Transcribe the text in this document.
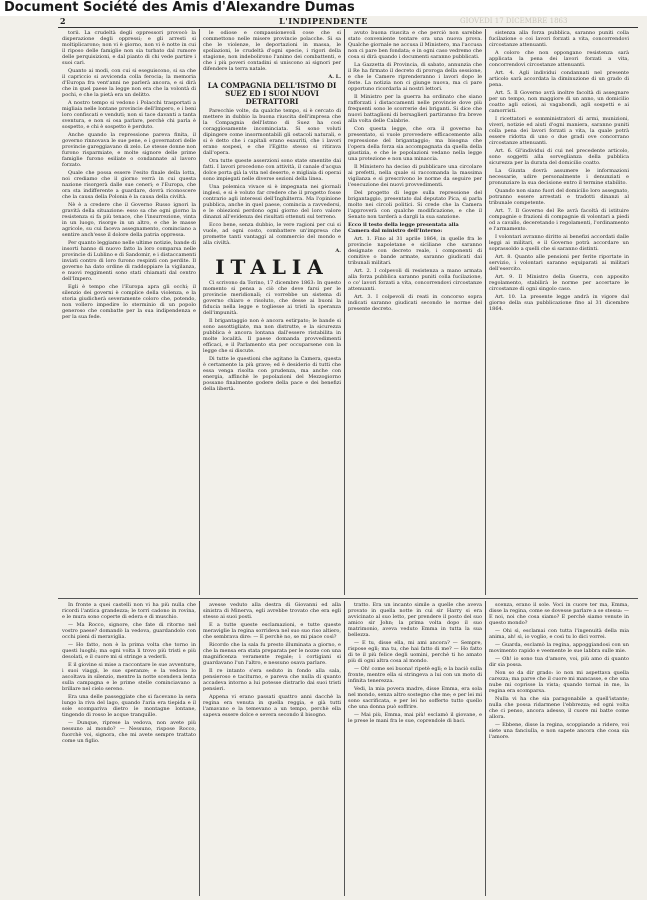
Document Société des Amis d'Alexandre Dumas
2	L'INDIPENDENTE	GIOVEDI 17 DICEMBRE 1863

torii. La crudeltà degli oppressori provocò la disperazione degli oppressi; e gli arresti si moltiplicarono; non vi è giorno, non vi è notte in cui il riposo delle famiglie non sia turbato dal rumore delle perquisizioni, e dal pianto di chi vede partire i suoi cari.

Quanto ai modi, con cui si eseguiscono, si sa che il capriccio si avvicenda colla ferocia; la memoria d'Europa fra vent'anni ne parlerà ancora, e si dirà che in quel paese la legge non era che la volontà di pochi, e che la pietà era un delitto.

A nostro tempo si vedono i Polacchi trasportati a migliaia nelle lontane provincie dell'Impero, e i beni loro confiscati e venduti; non si tace davanti a tanta sventura, e non si osa parlare, perchè chi parla è sospetto, e chi è sospetto è perduto.

Anche quando la repressione pareva finita, il governo rinnovava le sue pene, e i governatori delle provincie gareggiavano di zelo. Le stesse donne non furono risparmiate, e molte signore delle prime famiglie furono esiliate o condannate al lavoro forzato.

Quale che possa essere l'esito finale della lotta, noi crediamo che il giorno verrà in cui questa nazione risorgerà dalle sue ceneri; e l'Europa, che ora sta indifferente a guardare, dovrà riconoscere che la causa della Polonia è la causa della civiltà.

Nè è a credere che il Governo Russo ignori la gravità della situazione: esso sa che ogni giorno la resistenza si fa più tenace, che l'insurrezione, vinta in un luogo, risorge in un altro, e che le masse agricole, su cui faceva assegnamento, cominciano a sentire anch'esse il dolore della patria oppressa.

Per quanto leggiamo nelle ultime notizie, bande di insorti hanno di nuovo fatto la loro comparsa nelle provincie di Lublino e di Sandomir, e i distaccamenti inviati contro di loro furono respinti con perdite. Il governo ha dato ordine di raddoppiare la vigilanza, e nuovi reggimenti sono stati chiamati dal centro dell'Impero.

Egli è tempo che l'Europa apra gli occhi; il silenzio dei governi è complice della violenza, e la storia giudicherà severamente coloro che, potendo, non vollero impedire lo sterminio di un popolo generoso che combatte per la sua indipendenza e per la sua fede.

le odiose e compassionevoli cose che si commettono nelle misere provincie polacche. Si sa che le violenze, le deportazioni in massa, le spoliazioni, le crudeltà d'ogni specie, i rigori della stagione, non indebolirono l'animo dei combattenti, e che i più poveri contadini si uniscono ai signori per difendere la terra natale.

A. L.

LA COMPAGNIA DELL'ISTMO DI SUEZ ED I SUOI NUOVI DETRATTORI

Parecchie volte, da qualche tempo, si è cercato di mettere in dubbio la buona riuscita dell'impresa che la Compagnia dell'Istmo di Suez ha così coraggiosamente incominciata. Si sono voluti dipingere come insormontabili gli ostacoli naturali, e si è detto che i capitali erano esauriti, che i lavori erano sospesi, e che l'Egitto stesso si ritirava dall'opera.

Ora tutte queste asserzioni sono state smentite dai fatti. I lavori procedono con attività, il canale d'acqua dolce porta già la vita nel deserto, e migliaia di operai sono impiegati nelle diverse sezioni della linea.

Una polemica vivace si è impegnata nei giornali inglesi, e si è voluto far credere che il progetto fosse contrario agli interessi dell'Inghilterra. Ma l'opinione pubblica, anche in quel paese, comincia a ravvedersi, e le obiezioni perdono ogni giorno del loro valore dinanzi all'evidenza dei risultati ottenuti sul terreno.

Ecco bene, senza dubbio, le vere ragioni per cui si vuole, ad ogni costo, combattere un'impresa che promette tanti vantaggi al commercio del mondo e alla civiltà.

A.

ITALIA

Ci scrivono da Torino, 17 dicembre 1863: In questo momento si pensa a ciò che deve farsi per le provincie meridionali; ci vorrebbe un sistema di governo chiaro e risoluto, che desse ai buoni la fiducia nella legge e togliesse ai tristi la speranza dell'impunità.

Il brigantaggio non è ancora estirpato; le bande si sono assottigliate, ma non distrutte, e la sicurezza pubblica è ancora lontana dall'essere ristabilita in molte località. Il paese domanda provvedimenti efficaci, e il Parlamento sta per occuparsene con la legge che si discute.

Di tutte le questioni che agitano la Camera, questa è certamente la più grave; ed è desiderio di tutti che essa venga risolta con prudenza, ma anche con energia, affinchè le popolazioni del Mezzogiorno possano finalmente godere della pace e dei benefizi della libertà.

avuto buona riuscita e che perciò non sarebbe stato conveniente tentare ora una nuova prova. Qualche giornale ne accusa il Ministero, ma l'accusa non ci pare ben fondata; e in ogni caso vedremo che cosa si dirà quando i documenti saranno pubblicati.

La Gazzetta di Provincia, di sabato, annunzia che il Re ha firmato il decreto di proroga della sessione, e che le Camere riprenderanno i lavori dopo le feste. La notizia non ci giunge nuova, ma ci pare opportuno ricordarla ai nostri lettori.

Il Ministro per la guerra ha ordinato che siano rafforzati i distaccamenti nelle provincie dove più frequenti sono le scorrerie dei briganti. Si dice che nuovi battaglioni di bersaglieri partiranno fra breve alla volta delle Calabrie.

Con questa legge, che ora il governo ha presentato, si vuole provvedere efficacemente alla repressione del brigantaggio; ma bisogna che l'opera della forza sia accompagnata da quella della giustizia, e che le popolazioni vedano nella legge una protezione e non una minaccia.

Il Ministero ha deciso di pubblicare una circolare ai prefetti, nella quale si raccomanda la massima vigilanza e si prescrivono le norme da seguire per l'esecuzione dei nuovi provvedimenti.

Del progetto di legge sulla repressione del brigantaggio, presentato dal deputato Pica, si parla molto nei circoli politici. Si crede che la Camera l'approverà con qualche modificazione, e che il Senato non tarderà a dargli la sua sanzione.

Ecco il testo della legge presentata alla Camera dal ministro dell'Interno:

Art. 1. Fino al 31 aprile 1864, in quelle fra le provincie napoletane e siciliane che saranno designate con decreto reale, i componenti di comitive o bande armate, saranno giudicati dai tribunali militari.

Art. 2. I colpevoli di resistenza a mano armata alla forza pubblica saranno puniti colla fucilazione, o co' lavori forzati a vita, concorrendovi circostanze attenuanti.

Art. 3. I colpevoli di reati in concorso sopra indicati saranno giudicati secondo le norme del presente decreto.

sistenza alla forza pubblica, saranno puniti colla fucilazione o coi lavori forzati a vita, concorrendovi circostanze attenuanti.

A coloro che non oppongano resistenza sarà applicata la pena dei lavori forzati a vita, concorrendovi circostanze attenuanti.

Art. 4. Agli individui condannati nel presente articolo sarà accordata la diminuzione di un grado di pena.

Art. 5. Il Governo avrà inoltre facoltà di assegnare per un tempo, non maggiore di un anno, un domicilio coatto agli oziosi, ai vagabondi, agli sospetti e ai camorristi.

I ricettatori e somministratori di armi, munizioni, viveri, notizie ed aiuti d'ogni maniera, saranno puniti colla pena dei lavori forzati a vita, la quale potrà essere ridotta di uno o due gradi ove concorrano circostanze attenuanti.

Art. 6. Gl'individui di cui nel precedente articolo, sono soggetti alla sorveglianza della pubblica sicurezza per la durata del domicilio coatto.

La Giunta dovrà assumere le informazioni necessarie, udire personalmente i denunziati e pronunziare la sua decisione entro il termine stabilito.

Quando non siano fuori del domicilio loro assegnato, potranno essere arrestati e tradotti dinanzi al tribunale competente.

Art. 7. Il Governo del Re avrà facoltà di istituire compagnie o frazioni di compagnie di volontari a piedi od a cavallo, deceretando i regolamenti, l'ordinamento e l'armamento.

I volontari avranno diritto ai benefizi accordati dalle leggi ai militari, e il Governo potrà accordare un soprassoldo a quelli che si saranno distinti.

Art. 8. Quanto alle pensioni per ferite riportate in servizio, i volontari saranno equiparati ai militari dell'esercito.

Art. 9. Il Ministro della Guerra, con apposito regolamento, stabilirà le norme per accertare le circostanze di ogni singolo caso.

Art. 10. La presente legge andrà in vigore dal giorno della sua pubblicazione fino al 31 dicembre 1864.

In fronte a quei castelli non vi ha più nulla che ricordi l'antica grandezza; le torri cadono in rovina, e le mura sono coperte di edera e di muschio.

— Ma Rocco, signore, che fate di ritorno nel vostro paese? domandò la vedova, guardandolo con occhi pieni di meraviglia.

— Ho fatto, non è la prima volta che torno in questi luoghi; ma ogni volta li trovo più tristi e più desolati, e il cuore mi si stringe a vederli.

E il giovine si mise a raccontare le sue avventure, i suoi viaggi, le sue speranze; e la vedova lo ascoltava in silenzio, mentre la notte scendeva lenta sulla campagna e le prime stelle cominciavano a brillare nel cielo sereno.

Era una delle passeggiate che si facevano la sera lungo la riva del lago, quando l'aria era tiepida e il sole scompariva dietro le montagne lontane, tingendo di rosso le acque tranquille.

— Dunque, riprese la vedova, non avete più nessuno al mondo? — Nessuno, rispose Rocco, fuorchè voi, signora, che mi avete sempre trattato come un figlio.

avesse veduto alla destra di Giovanni ed alla sinistra di Minerva, egli avrebbe trovato che era egli stesso ai suoi posti.

E a tutte queste esclamazioni, e tutte queste meraviglie la regina sorrideva nel suo suo riso altiero, che sembrava dire: — E perchè no, se mi piace così?

Ricordo che la sala fu presto illuminata a giorno, e che la mensa era stata preparata per le nozze con una magnificenza veramente regale; i cortigiani si guardavano l'un l'altro, e nessuno osava parlare.

Il re intanto s'era seduto in fondo alla sala, pensieroso e taciturno, e pareva che nulla di quanto accadeva intorno a lui potesse distrarlo dai suoi tristi pensieri.

Appena vi erano passati quattro anni dacchè la regina era venuta in quella reggia, e già tutti l'amavano e la temevano a un tempo, perchè ella sapeva essere dolce e severa secondo il bisogno.

tratto. Era un incanto simile a quelle che aveva provato in quella notte in cui sir Harry si era avvicinato al suo letto, per prendere il posto del suo amico sir John; la prima volta dopo il suo matrimonio, aveva veduto Emma in tutta la sua bellezza.

— E tu, disse ella, mi ami ancora? — Sempre, rispose egli; ma tu, che hai fatto di me? — Ho fatto di te il più felice degli uomini, perchè ti ho amato più di ogni altra cosa al mondo.

— Oh! come sei buona! ripetè egli; e la baciò sulla fronte, mentre ella si stringeva a lui con un moto di infinita tenerezza.

Vedi, la mia povera madre, disse Emma, era sola nel mondo, senza altro sostegno che me; e per lei mi sono sacrificata, e per lei ho sofferto tutto quello che una donna può soffrire.

— Mai più, Emma, mai più! esclamò il giovane, e le prese le mani fra le sue, coprendole di baci.

scenza, erano il sole. Voci in cuore ter ma, Emma, disse la regina, come se dovesse parlare a se stessa: — E noi, noi che cosa siamo? E perchè siamo venute in questo mondo?

— Ohi sì, esclamai con tutta l'ingenuità della mia anima, ah! sì, io voglio, e così tu lo dici vorrei.

— Guarda, esclamò la regina, appoggiandosi con un movimento rapido e veemente le sue labbra sulle mie.

— Oh! io sono tua d'amore, voi, più amo di quanto dir sia possa.

Non so da dir grado: io non mi aspettava quella carezza; ma parve che il cuore mi mancasse, e che una nube mi coprisse la vista; quando tornai in me, la regina era scomparsa.

Nulla vi ha che sia paragonabile a quell'istante; nulla che possa ridarmene l'ebbrezza; ed ogni volta che ci penso, ancora adesso, il cuore mi batte come allora.

— Ebbene, disse la regina, scoppiando a ridere, voi siete una fanciulla, e non sapete ancora che cosa sia l'amore.
